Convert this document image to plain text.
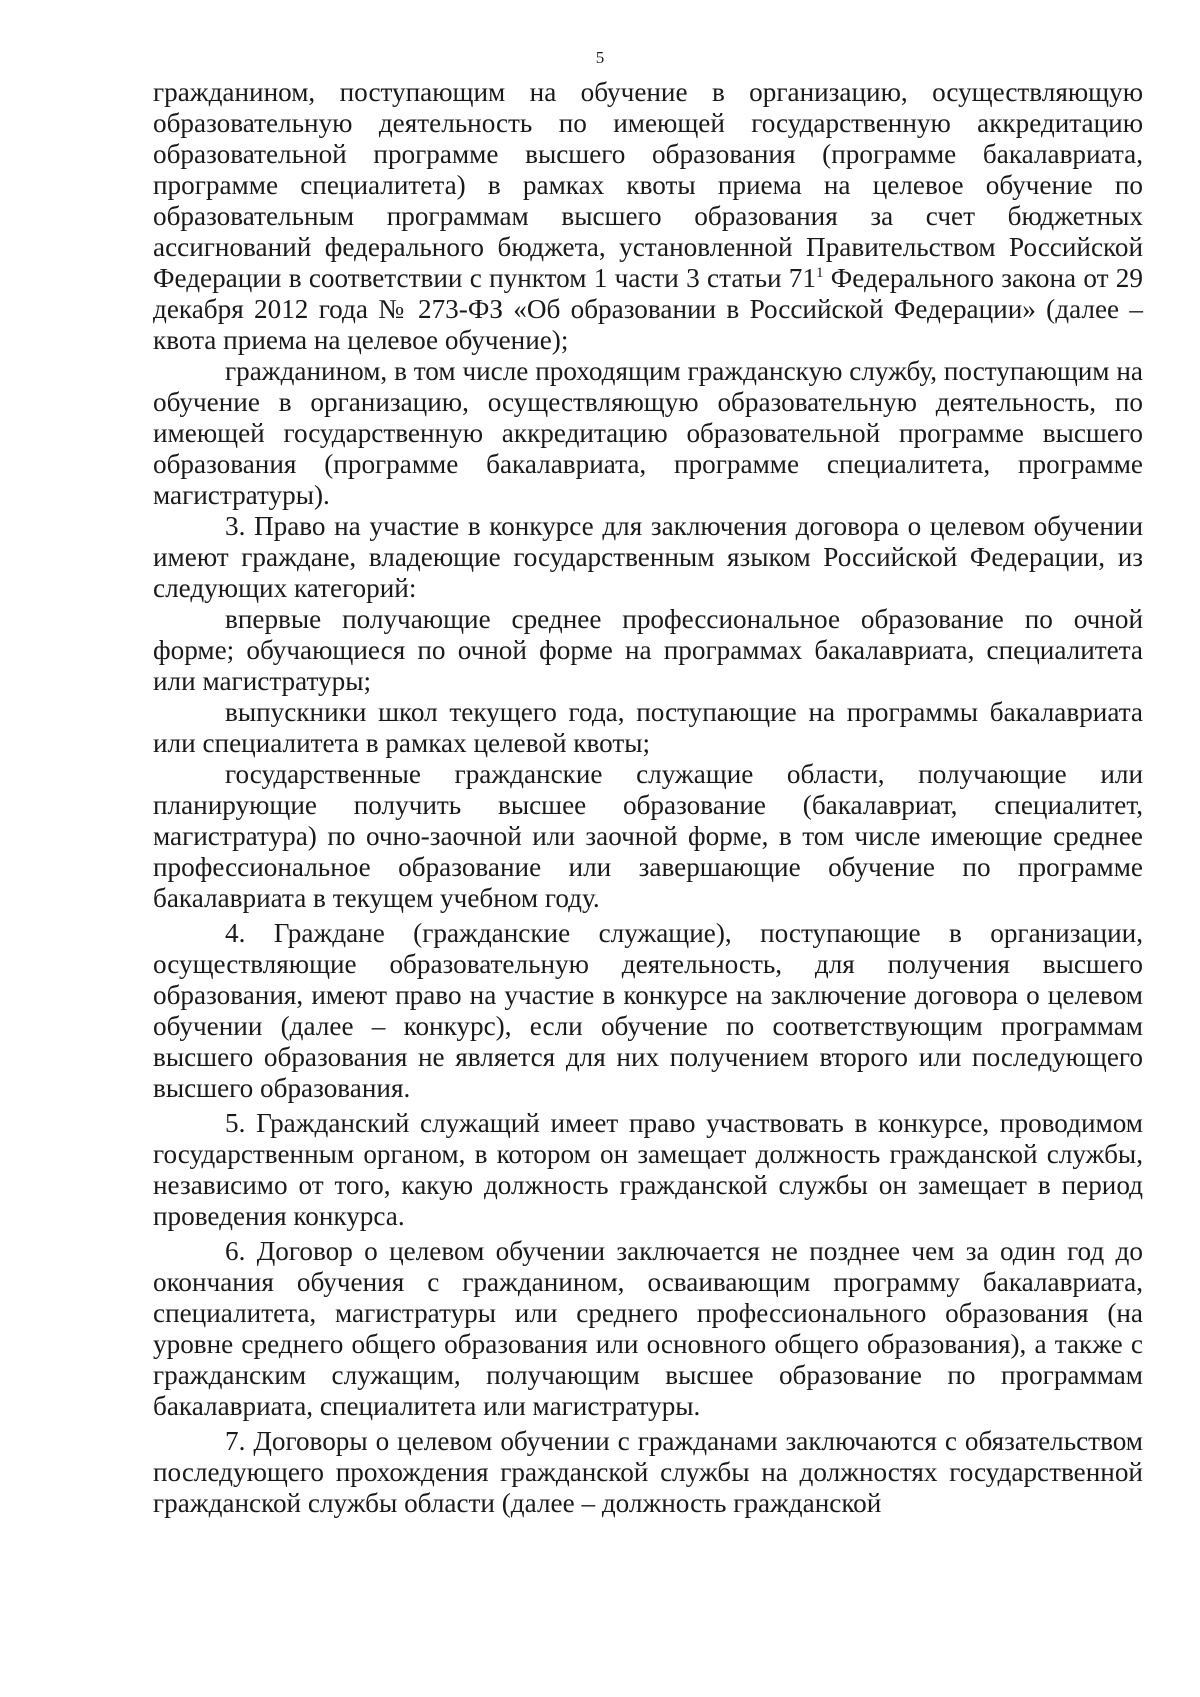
5

гражданином, поступающим на обучение в организацию, осуществляющую образовательную деятельность по имеющей государственную аккредитацию образовательной программе высшего образования (программе бакалавриата, программе специалитета) в рамках квоты приема на целевое обучение по образовательным программам высшего образования за счет бюджетных ассигнований федерального бюджета, установленной Правительством Российской Федерации в соответствии с пунктом 1 части 3 статьи $71^1$ Федерального закона от 29 декабря 2012 года № 273-ФЗ «Об образовании в Российской Федерации» (далее – квота приема на целевое обучение);

гражданином, в том числе проходящим гражданскую службу, поступающим на обучение в организацию, осуществляющую образовательную деятельность, по имеющей государственную аккредитацию образовательной программе высшего образования (программе бакалавриата, программе специалитета, программе магистратуры).

3. Право на участие в конкурсе для заключения договора о целевом обучении имеют граждане, владеющие государственным языком Российской Федерации, из следующих категорий:

впервые получающие среднее профессиональное образование по очной форме; обучающиеся по очной форме на программах бакалавриата, специалитета или магистратуры;

выпускники школ текущего года, поступающие на программы бакалавриата или специалитета в рамках целевой квоты;

государственные гражданские служащие области, получающие или планирующие получить высшее образование (бакалавриат, специалитет, магистратура) по очно-заочной или заочной форме, в том числе имеющие среднее профессиональное образование или завершающие обучение по программе бакалавриата в текущем учебном году.

4. Граждане (гражданские служащие), поступающие в организации, осуществляющие образовательную деятельность, для получения высшего образования, имеют право на участие в конкурсе на заключение договора о целевом обучении (далее – конкурс), если обучение по соответствующим программам высшего образования не является для них получением второго или последующего высшего образования.

5. Гражданский служащий имеет право участвовать в конкурсе, проводимом государственным органом, в котором он замещает должность гражданской службы, независимо от того, какую должность гражданской службы он замещает в период проведения конкурса.

6. Договор о целевом обучении заключается не позднее чем за один год до окончания обучения с гражданином, осваивающим программу бакалавриата, специалитета, магистратуры или среднего профессионального образования (на уровне среднего общего образования или основного общего образования), а также с гражданским служащим, получающим высшее образование по программам бакалавриата, специалитета или магистратуры.

7. Договоры о целевом обучении с гражданами заключаются с обязательством последующего прохождения гражданской службы на должностях государственной гражданской службы области (далее – должность гражданской
